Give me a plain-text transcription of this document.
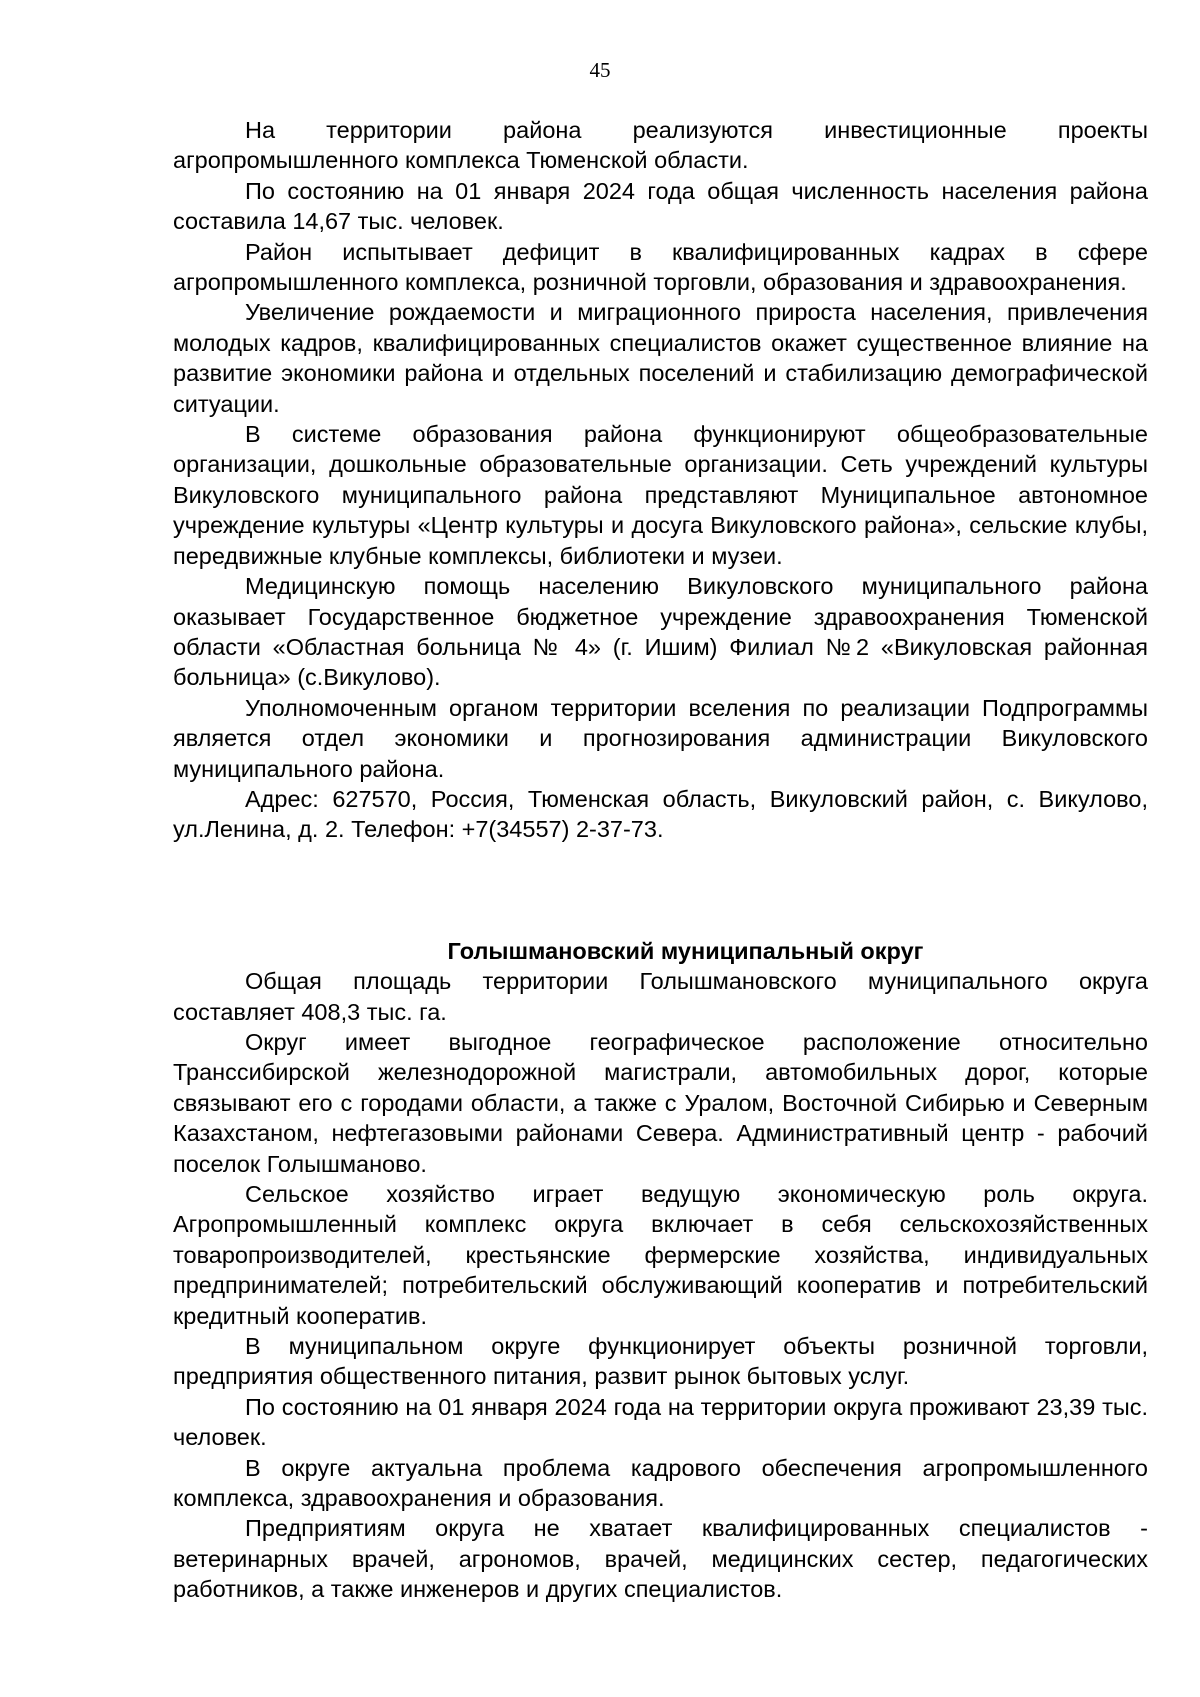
45

На территории района реализуются инвестиционные проекты агропромышленного комплекса Тюменской области.

По состоянию на 01 января 2024 года общая численность населения района составила 14,67 тыс. человек.

Район испытывает дефицит в квалифицированных кадрах в сфере агропромышленного комплекса, розничной торговли, образования и здравоохранения.

Увеличение рождаемости и миграционного прироста населения, привлечения молодых кадров, квалифицированных специалистов окажет существенное влияние на развитие экономики района и отдельных поселений и стабилизацию демографической ситуации.

В системе образования района функционируют общеобразовательные организации, дошкольные образовательные организации. Сеть учреждений культуры Викуловского муниципального района представляют Муниципальное автономное учреждение культуры «Центр культуры и досуга Викуловского района», сельские клубы, передвижные клубные комплексы, библиотеки и музеи.

Медицинскую помощь населению Викуловского муниципального района оказывает Государственное бюджетное учреждение здравоохранения Тюменской области «Областная больница № 4» (г. Ишим) Филиал №2 «Викуловская районная больница» (с.Викулово).

Уполномоченным органом территории вселения по реализации Подпрограммы является отдел экономики и прогнозирования администрации Викуловского муниципального района.

Адрес: 627570, Россия, Тюменская область, Викуловский район, с. Викулово, ул.Ленина, д. 2. Телефон: +7(34557) 2-37-73.

Голышмановский муниципальный округ

Общая площадь территории Голышмановского муниципального округа составляет 408,3 тыс. га.

Округ имеет выгодное географическое расположение относительно Транссибирской железнодорожной магистрали, автомобильных дорог, которые связывают его с городами области, а также с Уралом, Восточной Сибирью и Северным Казахстаном, нефтегазовыми районами Севера. Административный центр - рабочий поселок Голышманово.

Сельское хозяйство играет ведущую экономическую роль округа. Агропромышленный комплекс округа включает в себя сельскохозяйственных товаропроизводителей, крестьянские фермерские хозяйства, индивидуальных предпринимателей; потребительский обслуживающий кооператив и потребительский кредитный кооператив.

В муниципальном округе функционирует объекты розничной торговли, предприятия общественного питания, развит рынок бытовых услуг.

По состоянию на 01 января 2024 года на территории округа проживают 23,39 тыс. человек.

В округе актуальна проблема кадрового обеспечения агропромышленного комплекса, здравоохранения и образования.

Предприятиям округа не хватает квалифицированных специалистов - ветеринарных врачей, агрономов, врачей, медицинских сестер, педагогических работников, а также инженеров и других специалистов.
